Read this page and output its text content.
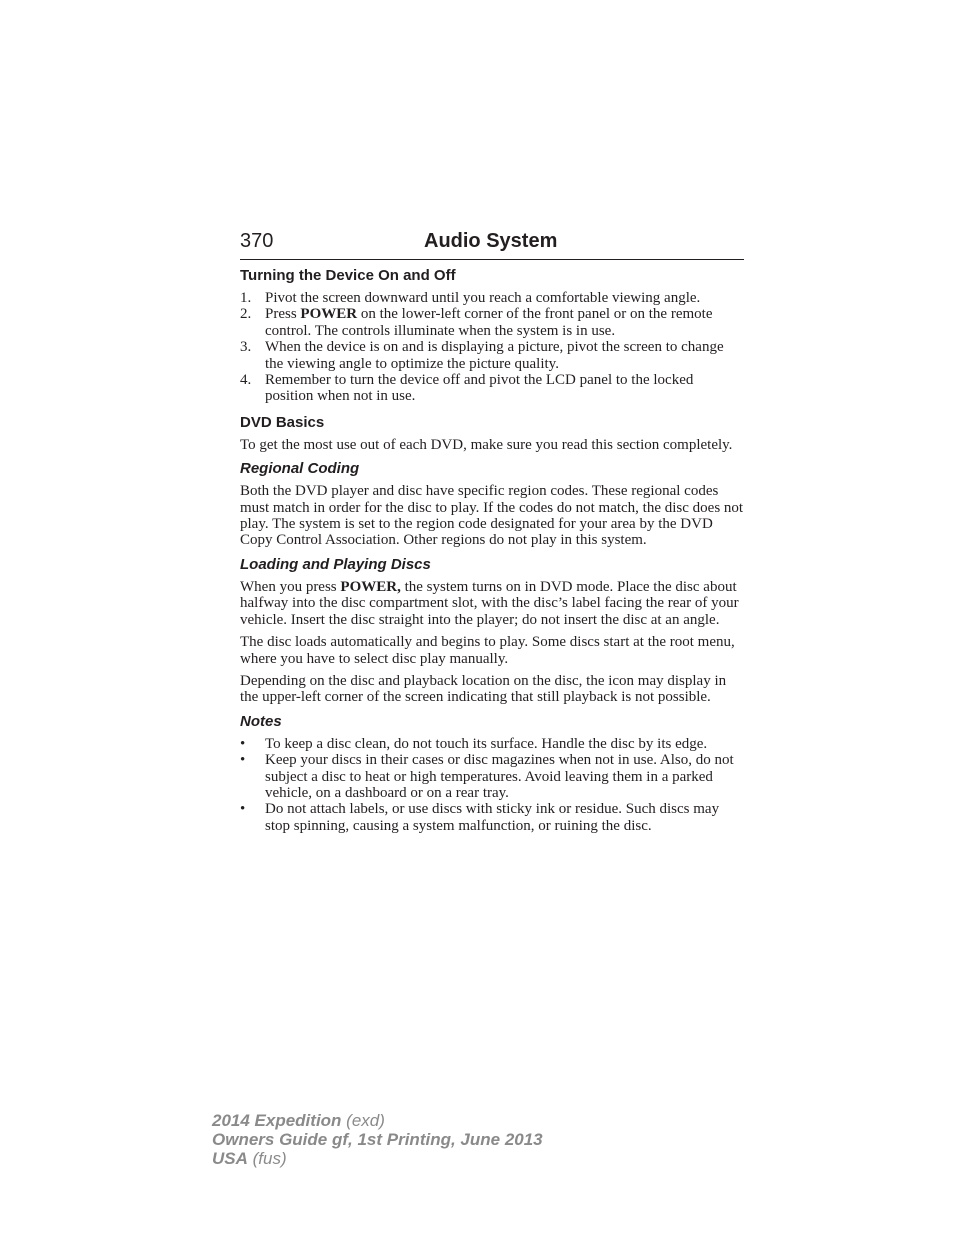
370	Audio System
Turning the Device On and Off
1. Pivot the screen downward until you reach a comfortable viewing angle.
2. Press POWER on the lower-left corner of the front panel or on the remote control. The controls illuminate when the system is in use.
3. When the device is on and is displaying a picture, pivot the screen to change the viewing angle to optimize the picture quality.
4. Remember to turn the device off and pivot the LCD panel to the locked position when not in use.
DVD Basics

To get the most use out of each DVD, make sure you read this section completely.

Regional Coding

Both the DVD player and disc have specific region codes. These regional codes must match in order for the disc to play. If the codes do not match, the disc does not play. The system is set to the region code designated for your area by the DVD Copy Control Association. Other regions do not play in this system.

Loading and Playing Discs

When you press POWER, the system turns on in DVD mode. Place the disc about halfway into the disc compartment slot, with the disc’s label facing the rear of your vehicle. Insert the disc straight into the player; do not insert the disc at an angle.

The disc loads automatically and begins to play. Some discs start at the root menu, where you have to select disc play manually.

Depending on the disc and playback location on the disc, the icon may display in the upper-left corner of the screen indicating that still playback is not possible.

Notes
• To keep a disc clean, do not touch its surface. Handle the disc by its edge.
• Keep your discs in their cases or disc magazines when not in use. Also, do not subject a disc to heat or high temperatures. Avoid leaving them in a parked vehicle, on a dashboard or on a rear tray.
• Do not attach labels, or use discs with sticky ink or residue. Such discs may stop spinning, causing a system malfunction, or ruining the disc.
2014 Expedition (exd)
Owners Guide gf, 1st Printing, June 2013
USA (fus)
